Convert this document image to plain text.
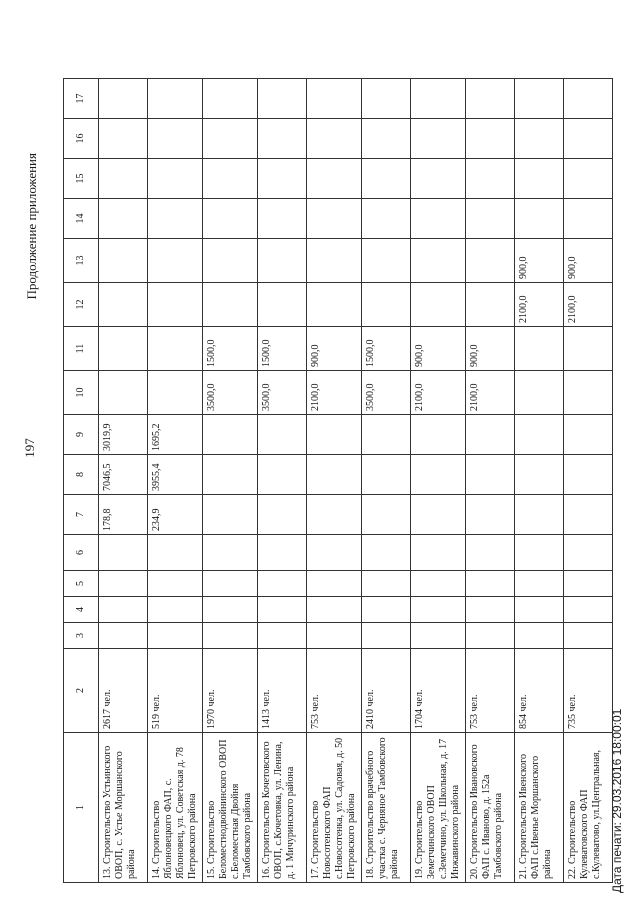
197
Продолжение приложения
1	2	3	4	5	6	7	8	9	10	11	12	13	14	15	16	17
13. Строительство Устьинского ОВОП, с. Устье Моршанского района	2617 чел.					178,8	7046,5	3019,9								
14. Строительство Яблоновецкого ФАП, с. Яблоновец, ул. Советская д. 78 Петровского района	519 чел.					234,9	3955,4	1695,2								
15. Строительство Беломестнодвойнинского ОВОП с.Беломестная Двойня Тамбовского района	1970 чел.								3500,0	1500,0						
16. Строительство Кочетовского ОВОП, с.Кочетовка, ул. Ленина, д. 1 Мичуринского района	1413 чел.								3500,0	1500,0						
17. Строительство Новосотенского ФАП с.Новосотенка, ул. Садовая, д. 50 Петровского района	753 чел.								2100,0	900,0						
18. Строительство врачебного участка с. Черняное Тамбовского района	2410 чел.								3500,0	1500,0						
19. Строительство Земетчинского ОВОП с.Земетчино, ул. Школьная, д. 17 Инжавинского района	1704 чел.								2100,0	900,0						
20. Строительство Ивановского ФАП с. Иваново, д. 152а Тамбовского района	753 чел.								2100,0	900,0						
21. Строительство Ивенского ФАП с.Ивенье Моршанского района	854 чел.										2100,0	900,0				
22. Строительство Кулеватовского ФАП с.Кулеватово, ул.Центральная,	735 чел.										2100,0	900,0				
Дата печати: 29.03.2016 18:00:01
